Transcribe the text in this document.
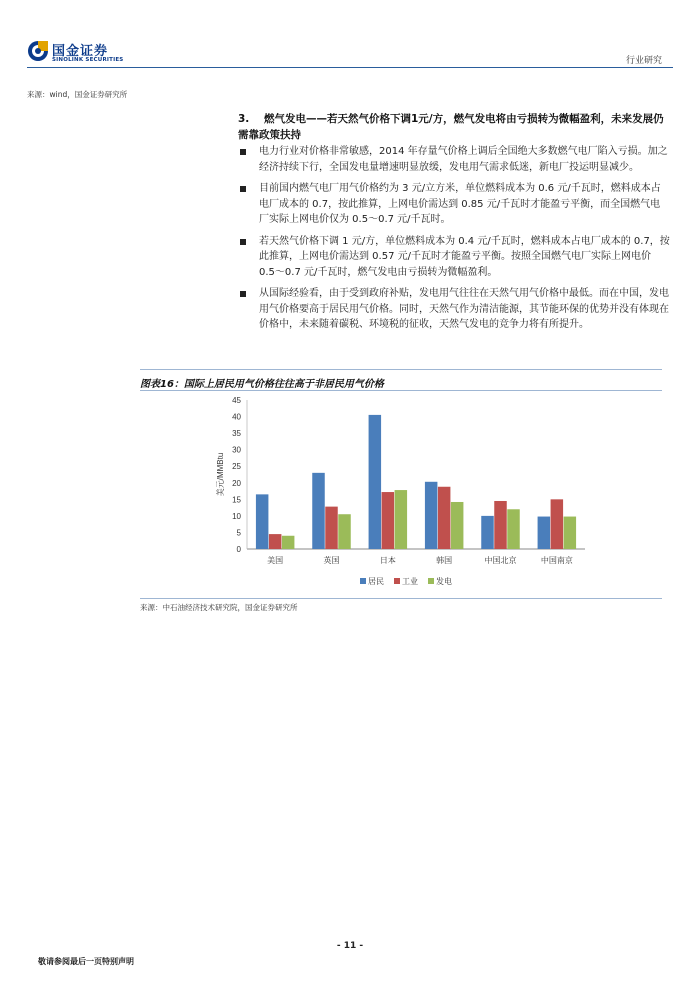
国金证券
SINOLINK SECURITIES	行业研究
来源：wind，国金证券研究所
3. 燃气发电——若天然气价格下调1元/方，燃气发电将由亏损转为微幅盈利，未来发展仍需靠政策扶持
电力行业对价格非常敏感，2014 年存量气价格上调后全国绝大多数燃气电厂陷入亏损。加之经济持续下行，全国发电量增速明显放缓，发电用气需求低迷，新电厂投运明显减少。
目前国内燃气电厂用气价格约为 3 元/立方米，单位燃料成本为 0.6 元/千瓦时，燃料成本占电厂成本的 0.7，按此推算，上网电价需达到 0.85 元/千瓦时才能盈亏平衡，而全国燃气电厂实际上网电价仅为 0.5～0.7 元/千瓦时。
若天然气价格下调 1 元/方，单位燃料成本为 0.4 元/千瓦时，燃料成本占电厂成本的 0.7，按此推算，上网电价需达到 0.57 元/千瓦时才能盈亏平衡。按照全国燃气电厂实际上网电价 0.5～0.7 元/千瓦时，燃气发电由亏损转为微幅盈利。
从国际经验看，由于受到政府补贴，发电用气往往在天然气用气价格中最低。而在中国，发电用气价格要高于居民用气价格。同时，天然气作为清洁能源，其节能环保的优势并没有体现在价格中，未来随着碳税、环境税的征收，天然气发电的竞争力将有所提升。
图表16：国际上居民用气价格往往高于非居民用气价格
0
5
10
15
20
25
30
35
40
45
美元/MMBtu
美国	英国	日本	韩国	中国北京	中国南京
居民 工业 发电
来源：中石油经济技术研究院，国金证券研究所
- 11 -
敬请参阅最后一页特别声明
